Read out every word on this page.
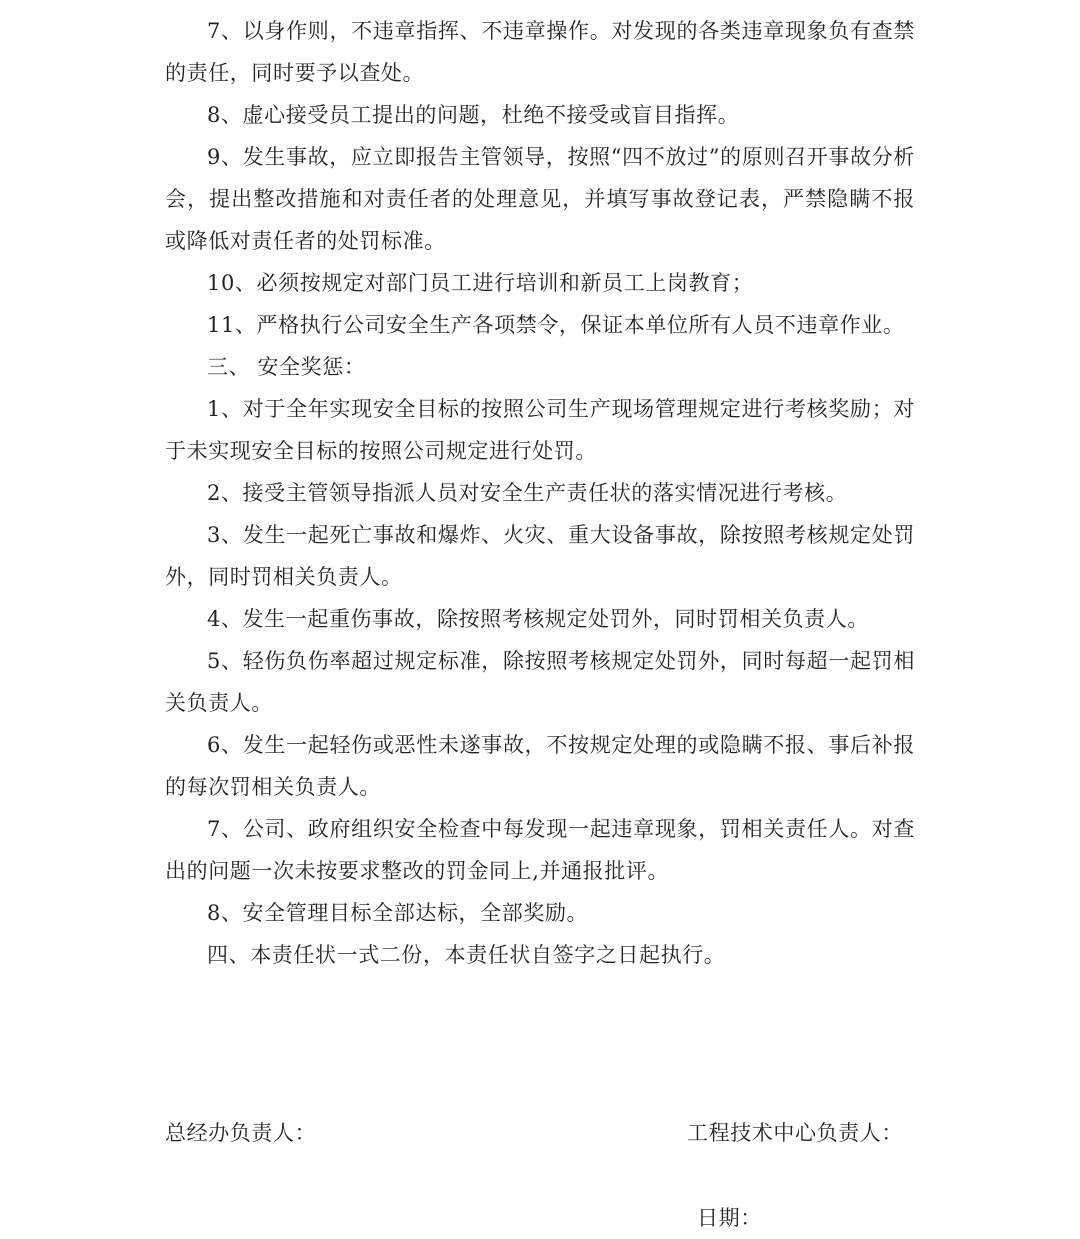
7、以身作则，不违章指挥、不违章操作。对发现的各类违章现象负有查禁的责任，同时要予以查处。

8、虚心接受员工提出的问题，杜绝不接受或盲目指挥。

9、发生事故，应立即报告主管领导，按照“四不放过”的原则召开事故分析会，提出整改措施和对责任者的处理意见，并填写事故登记表，严禁隐瞒不报或降低对责任者的处罚标准。

10、必须按规定对部门员工进行培训和新员工上岗教育；

11、严格执行公司安全生产各项禁令，保证本单位所有人员不违章作业。

三、 安全奖惩：

1、对于全年实现安全目标的按照公司生产现场管理规定进行考核奖励；对于未实现安全目标的按照公司规定进行处罚。

2、接受主管领导指派人员对安全生产责任状的落实情况进行考核。

3、发生一起死亡事故和爆炸、火灾、重大设备事故，除按照考核规定处罚外，同时罚相关负责人。

4、发生一起重伤事故，除按照考核规定处罚外，同时罚相关负责人。

5、轻伤负伤率超过规定标准，除按照考核规定处罚外，同时每超一起罚相关负责人。

6、发生一起轻伤或恶性未遂事故，不按规定处理的或隐瞒不报、事后补报的每次罚相关负责人。

7、公司、政府组织安全检查中每发现一起违章现象，罚相关责任人。对查出的问题一次未按要求整改的罚金同上,并通报批评。

8、安全管理目标全部达标，全部奖励。

四、本责任状一式二份，本责任状自签字之日起执行。

总经办负责人：	工程技术中心负责人：
日期：
